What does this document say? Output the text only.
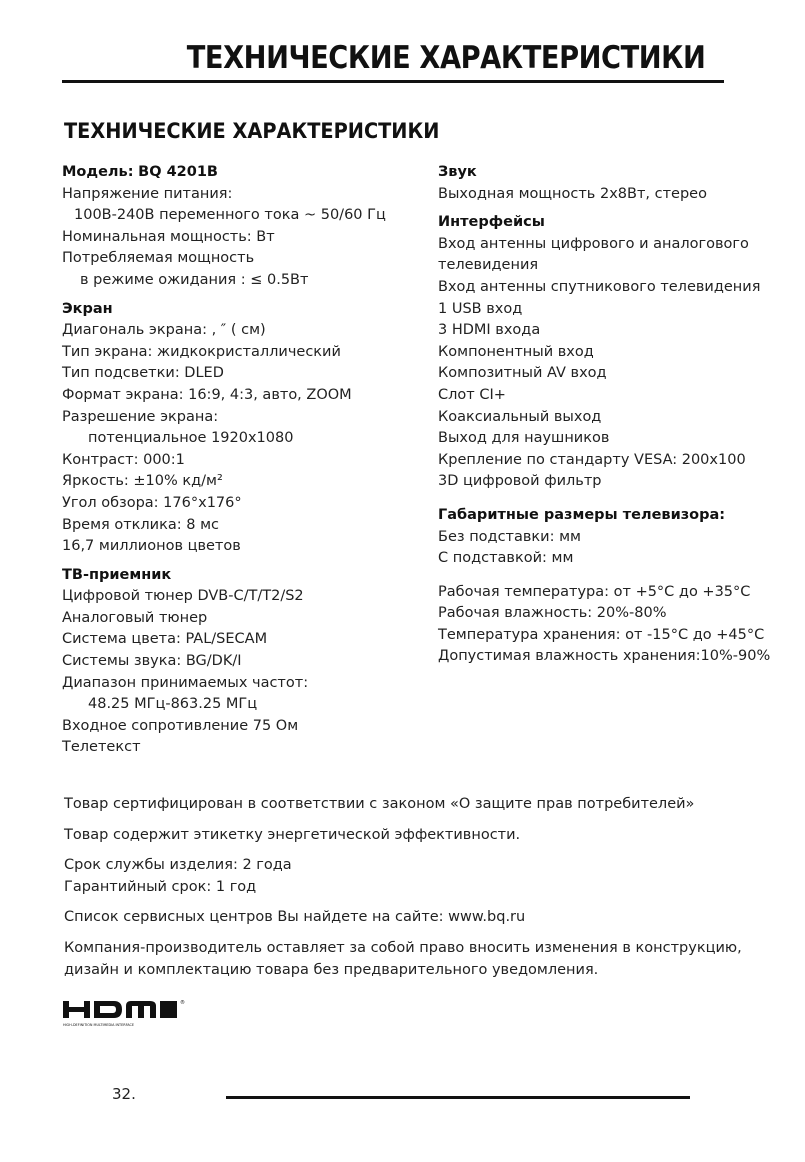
ТЕХНИЧЕСКИЕ ХАРАКТЕРИСТИКИ
ТЕХНИЧЕСКИЕ ХАРАКТЕРИСТИКИ
Модель: BQ 4201B
Напряжение питания:
100В-240В переменного тока ~ 50/60 Гц
Номинальная мощность: Вт
Потребляемая мощность
в режиме ожидания : ≤ 0.5Вт
Экран
Диагональ экрана: , ″ ( см)
Тип экрана: жидкокристаллический
Тип подсветки: DLED
Формат экрана: 16:9, 4:3, авто, ZOOM
Разрешение экрана:
потенциальное 1920х1080
Контраст: 000:1
Яркость: ±10% кд/м²
Угол обзора: 176°х176°
Время отклика: 8 мс
16,7 миллионов цветов
ТВ-приемник
Цифровой тюнер DVB-C/T/T2/S2
Аналоговый тюнер
Система цвета: PAL/SECAM
Системы звука: BG/DK/I
Диапазон принимаемых частот:
48.25 МГц-863.25 МГц
Входное сопротивление 75 Ом
Телетекст
Звук
Выходная мощность 2х8Вт, стерео
Интерфейсы
Вход антенны цифрового и аналогового
телевидения
Вход антенны спутникового телевидения
1 USB вход
3 HDMI входа
Компонентный вход
Композитный AV вход
Слот CI+
Коаксиальный выход
Выход для наушников
Крепление по стандарту VESA: 200х100
3D цифровой фильтр
Габаритные размеры телевизора:
Без подставки: мм
С подставкой: мм
Рабочая температура: от +5°С до +35°С
Рабочая влажность: 20%-80%
Температура хранения: от -15°С до +45°С
Допустимая влажность хранения:10%-90%
Товар сертифицирован в соответствии с законом «О защите прав потребителей»
Товар содержит этикетку энергетической эффективности.
Срок службы изделия: 2 года
Гарантийный срок: 1 год
Список сервисных центров Вы найдете на сайте: www.bq.ru
Компания-производитель оставляет за собой право вносить изменения в конструкцию,
дизайн и комплектацию товара без предварительного уведомления.
®
HIGH-DEFINITION MULTIMEDIA INTERFACE
32.
